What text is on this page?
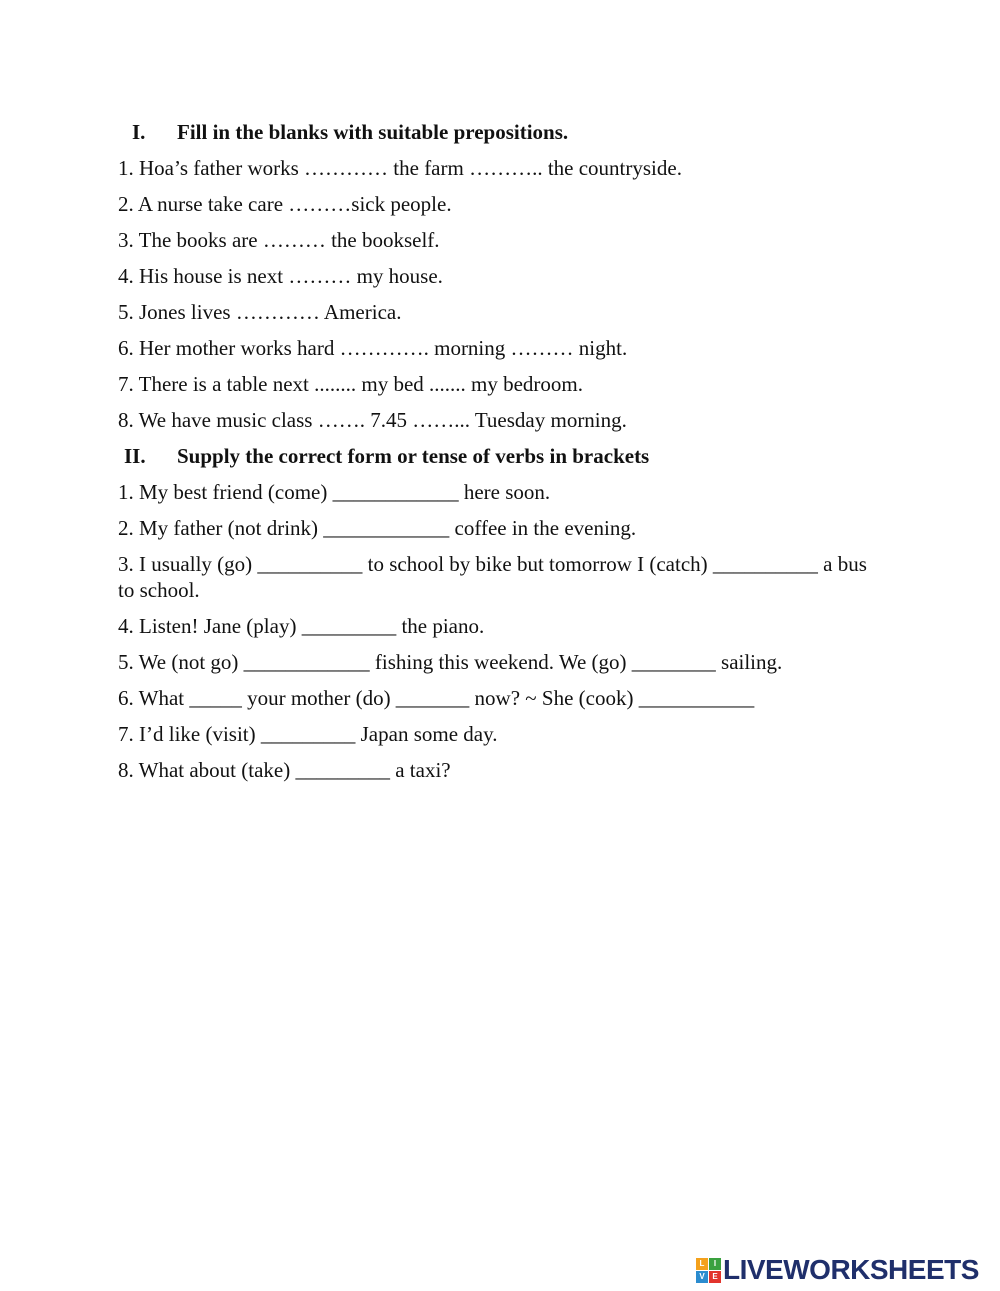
I. Fill in the blanks with suitable prepositions.
1. Hoa’s father works ………… the farm ……….. the countryside.
2. A nurse take care ………sick people.
3. The books are ……… the bookself.
4. His house is next ……… my house.
5. Jones lives ………… America.
6. Her mother works hard …………. morning ……… night.
7. There is a table next ........ my bed ....... my bedroom.
8. We have music class ……. 7.45 ……... Tuesday morning.
II. Supply the correct form or tense of verbs in brackets
1. My best friend (come) ____________ here soon.
2. My father (not drink) ____________ coffee in the evening.
3. I usually (go) __________ to school by bike but tomorrow I (catch) __________ a bus to school.
4. Listen! Jane (play) _________ the piano.
5. We (not go) ____________ fishing this weekend. We (go) ________ sailing.
6. What _____ your mother (do) _______ now? ~ She (cook) ___________
7. I’d like (visit) _________ Japan some day.
8. What about (take) _________ a taxi?
L	I
V E LIVEWORKSHEETS
